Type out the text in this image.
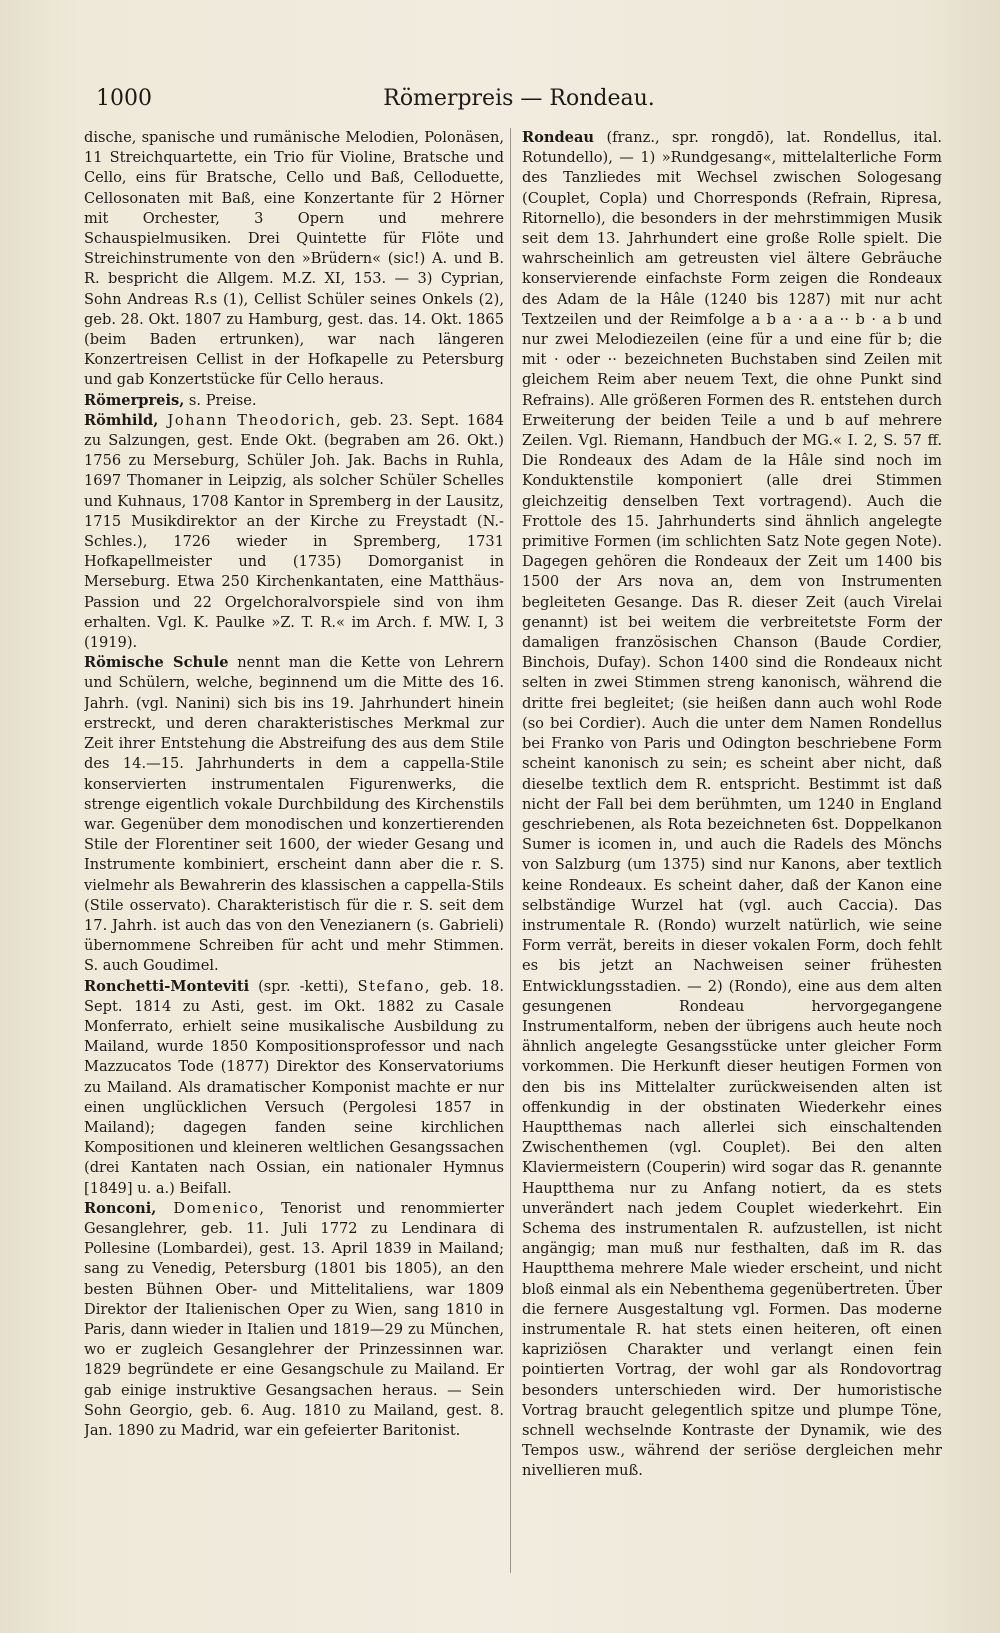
1000	Römerpreis — Rondeau.

dische, spanische und rumänische Melodien, Polonäsen, 11 Streichquartette, ein Trio für Violine, Bratsche und Cello, eins für Bratsche, Cello und Baß, Celloduette, Cellosonaten mit Baß, eine Konzertante für 2 Hörner mit Orchester, 3 Opern und mehrere Schauspielmusiken. Drei Quintette für Flöte und Streichinstrumente von den »Brüdern« (sic!) A. und B. R. bespricht die Allgem. M.Z. XI, 153. — 3) Cyprian, Sohn Andreas R.s (1), Cellist Schüler seines Onkels (2), geb. 28. Okt. 1807 zu Hamburg, gest. das. 14. Okt. 1865 (beim Baden ertrunken), war nach längeren Konzertreisen Cellist in der Hofkapelle zu Petersburg und gab Konzertstücke für Cello heraus.

Römerpreis, s. Preise.

Römhild, Johann Theodorich, geb. 23. Sept. 1684 zu Salzungen, gest. Ende Okt. (begraben am 26. Okt.) 1756 zu Merseburg, Schüler Joh. Jak. Bachs in Ruhla, 1697 Thomaner in Leipzig, als solcher Schüler Schelles und Kuhnaus, 1708 Kantor in Spremberg in der Lausitz, 1715 Musikdirektor an der Kirche zu Freystadt (N.-Schles.), 1726 wieder in Spremberg, 1731 Hofkapellmeister und (1735) Domorganist in Merseburg. Etwa 250 Kirchenkantaten, eine Matthäus-Passion und 22 Orgelchoralvorspiele sind von ihm erhalten. Vgl. K. Paulke »Z. T. R.« im Arch. f. MW. I, 3 (1919).

Römische Schule nennt man die Kette von Lehrern und Schülern, welche, beginnend um die Mitte des 16. Jahrh. (vgl. Nanini) sich bis ins 19. Jahrhundert hinein erstreckt, und deren charakteristisches Merkmal zur Zeit ihrer Entstehung die Abstreifung des aus dem Stile des 14.—15. Jahrhunderts in dem a cappella-Stile konservierten instrumentalen Figurenwerks, die strenge eigentlich vokale Durchbildung des Kirchenstils war. Gegenüber dem monodischen und konzertierenden Stile der Florentiner seit 1600, der wieder Gesang und Instrumente kombiniert, erscheint dann aber die r. S. vielmehr als Bewahrerin des klassischen a cappella-Stils (Stile osservato). Charakteristisch für die r. S. seit dem 17. Jahrh. ist auch das von den Venezianern (s. Gabrieli) übernommene Schreiben für acht und mehr Stimmen. S. auch Goudimel.

Ronchetti-Monteviti (spr. -ketti), Stefano, geb. 18. Sept. 1814 zu Asti, gest. im Okt. 1882 zu Casale Monferrato, erhielt seine musikalische Ausbildung zu Mailand, wurde 1850 Kompositionsprofessor und nach Mazzucatos Tode (1877) Direktor des Konservatoriums zu Mailand. Als dramatischer Komponist machte er nur einen unglücklichen Versuch (Pergolesi 1857 in Mailand); dagegen fanden seine kirchlichen Kompositionen und kleineren weltlichen Gesangssachen (drei Kantaten nach Ossian, ein nationaler Hymnus [1849] u. a.) Beifall.

Ronconi, Domenico, Tenorist und renommierter Gesanglehrer, geb. 11. Juli 1772 zu Lendinara di Pollesine (Lombardei), gest. 13. April 1839 in Mailand; sang zu Venedig, Petersburg (1801 bis 1805), an den besten Bühnen Ober- und Mittelitaliens, war 1809 Direktor der Italienischen Oper zu Wien, sang 1810 in Paris, dann wieder in Italien und 1819—29 zu München, wo er zugleich Gesanglehrer der Prinzessinnen war. 1829 begründete er eine Gesangschule zu Mailand. Er gab einige instruktive Gesangsachen heraus. — Sein Sohn Georgio, geb. 6. Aug. 1810 zu Mailand, gest. 8. Jan. 1890 zu Madrid, war ein gefeierter Baritonist.

Rondeau (franz., spr. rongdō), lat. Rondellus, ital. Rotundello), — 1) »Rundgesang«, mittelalterliche Form des Tanzliedes mit Wechsel zwischen Sologesang (Couplet, Copla) und Chorresponds (Refrain, Ripresa, Ritornello), die besonders in der mehrstimmigen Musik seit dem 13. Jahrhundert eine große Rolle spielt. Die wahrscheinlich am getreusten viel ältere Gebräuche konservierende einfachste Form zeigen die Rondeaux des Adam de la Hâle (1240 bis 1287) mit nur acht Textzeilen und der Reimfolge a b a · a a ·· b · a b und nur zwei Melodiezeilen (eine für a und eine für b; die mit · oder ·· bezeichneten Buchstaben sind Zeilen mit gleichem Reim aber neuem Text, die ohne Punkt sind Refrains). Alle größeren Formen des R. entstehen durch Erweiterung der beiden Teile a und b auf mehrere Zeilen. Vgl. Riemann, Handbuch der MG.« I. 2, S. 57 ff. Die Rondeaux des Adam de la Hâle sind noch im Konduktenstile komponiert (alle drei Stimmen gleichzeitig denselben Text vortragend). Auch die Frottole des 15. Jahrhunderts sind ähnlich angelegte primitive Formen (im schlichten Satz Note gegen Note). Dagegen gehören die Rondeaux der Zeit um 1400 bis 1500 der Ars nova an, dem von Instrumenten begleiteten Gesange. Das R. dieser Zeit (auch Virelai genannt) ist bei weitem die verbreitetste Form der damaligen französischen Chanson (Baude Cordier, Binchois, Dufay). Schon 1400 sind die Rondeaux nicht selten in zwei Stimmen streng kanonisch, während die dritte frei begleitet; (sie heißen dann auch wohl Rode (so bei Cordier). Auch die unter dem Namen Rondellus bei Franko von Paris und Odington beschriebene Form scheint kanonisch zu sein; es scheint aber nicht, daß dieselbe textlich dem R. entspricht. Bestimmt ist daß nicht der Fall bei dem berühmten, um 1240 in England geschriebenen, als Rota bezeichneten 6st. Doppelkanon Sumer is icomen in, und auch die Radels des Mönchs von Salzburg (um 1375) sind nur Kanons, aber textlich keine Rondeaux. Es scheint daher, daß der Kanon eine selbständige Wurzel hat (vgl. auch Caccia). Das instrumentale R. (Rondo) wurzelt natürlich, wie seine Form verrät, bereits in dieser vokalen Form, doch fehlt es bis jetzt an Nachweisen seiner frühesten Entwicklungsstadien. — 2) (Rondo), eine aus dem alten gesungenen Rondeau hervorgegangene Instrumentalform, neben der übrigens auch heute noch ähnlich angelegte Gesangsstücke unter gleicher Form vorkommen. Die Herkunft dieser heutigen Formen von den bis ins Mittelalter zurückweisenden alten ist offenkundig in der obstinaten Wiederkehr eines Hauptthemas nach allerlei sich einschaltenden Zwischenthemen (vgl. Couplet). Bei den alten Klaviermeistern (Couperin) wird sogar das R. genannte Hauptthema nur zu Anfang notiert, da es stets unverändert nach jedem Couplet wiederkehrt. Ein Schema des instrumentalen R. aufzustellen, ist nicht angängig; man muß nur festhalten, daß im R. das Hauptthema mehrere Male wieder erscheint, und nicht bloß einmal als ein Nebenthema gegenübertreten. Über die fernere Ausgestaltung vgl. Formen. Das moderne instrumentale R. hat stets einen heiteren, oft einen kapriziösen Charakter und verlangt einen fein pointierten Vortrag, der wohl gar als Rondovortrag besonders unterschieden wird. Der humoristische Vortrag braucht gelegentlich spitze und plumpe Töne, schnell wechselnde Kontraste der Dynamik, wie des Tempos usw., während der seriöse dergleichen mehr nivellieren muß.
